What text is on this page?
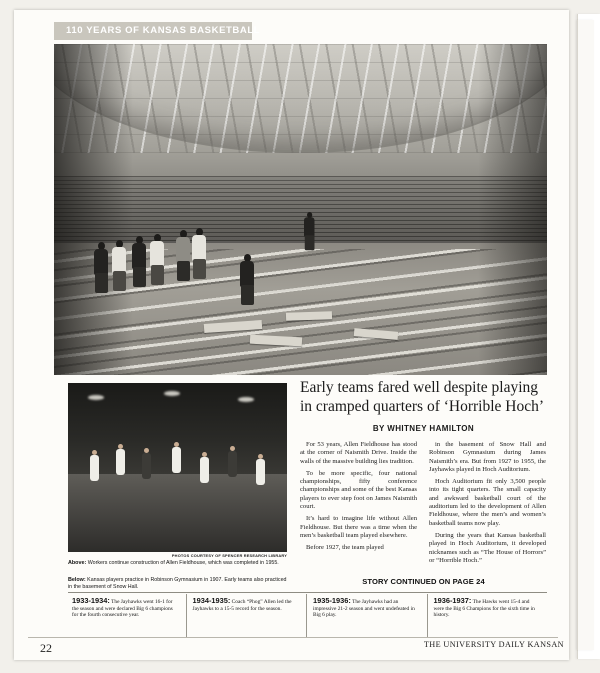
110 YEARS OF KANSAS BASKETBALL
PHOTOS COURTESY OF SPENCER RESEARCH LIBRARY
Above: Workers continue construction of Allen Fieldhouse, which was completed in 1955.
Below: Kansas players practice in Robinson Gymnasium in 1907. Early teams also practiced in the basement of Snow Hall.
Early teams fared well despite playing in cramped quarters of ‘Horrible Hoch’
BY WHITNEY HAMILTON

For 53 years, Allen Fieldhouse has stood at the corner of Naismith Drive. Inside the walls of the massive building lies tradition.

To be more specific, four national championships, fifty conference championships and some of the best Kansas players to ever step foot on James Naismith court.

It’s hard to imagine life without Allen Fieldhouse. But there was a time when the men’s basketball team played elsewhere.

Before 1927, the team played

in the basement of Snow Hall and Robinson Gymnasium during James Naismith’s era. But from 1927 to 1955, the Jayhawks played in Hoch Auditorium.

Hoch Auditorium fit only 3,500 people into its tight quarters. The small capacity and awkward basketball court of the auditorium led to the development of Allen Fieldhouse, where the men’s and women’s basketball teams now play.

During the years that Kansas basketball played in Hoch Auditorium, it developed nicknames such as “The House of Horrors” or “Horrible Hoch.”

STORY CONTINUED ON PAGE 24
1933-1934: The Jayhawks went 16-1 for the season and were declared Big 6 champions for the fourth consecutive year.
1934-1935: Coach “Phog” Allen led the Jayhawks to a 15-5 record for the season.
1935-1936: The Jayhawks had an impressive 21-2 season and went undefeated in Big 6 play.
1936-1937: The Hawks went 15-4 and were the Big 6 Champions for the sixth time in history.
22	THE UNIVERSITY DAILY KANSAN
